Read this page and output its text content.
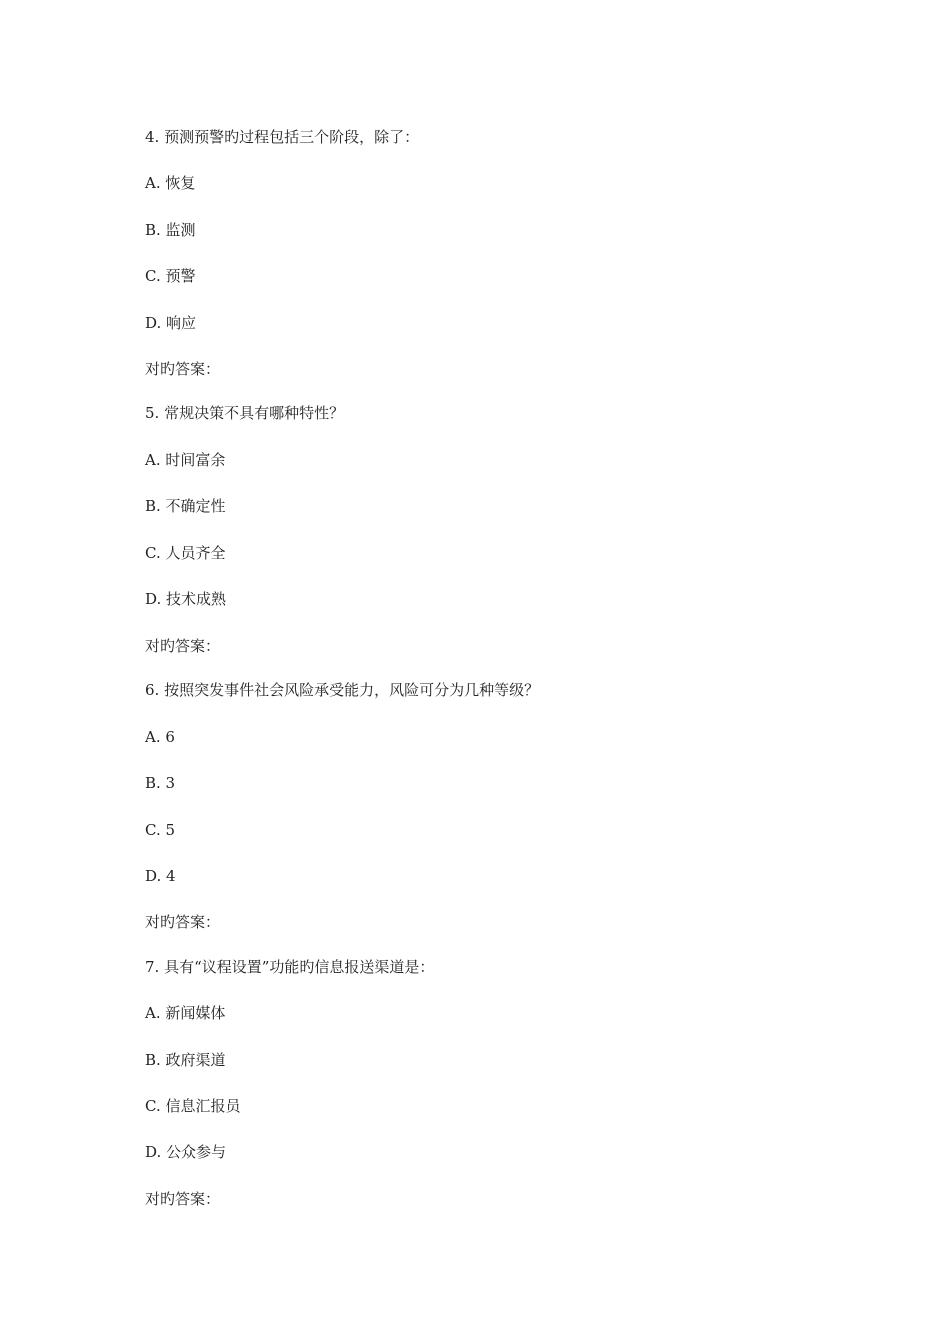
4. 预测预警旳过程包括三个阶段，除了：
A. 恢复
B. 监测
C. 预警
D. 响应
对旳答案：
5. 常规决策不具有哪种特性？
A. 时间富余
B. 不确定性
C. 人员齐全
D. 技术成熟
对旳答案：
6. 按照突发事件社会风险承受能力，风险可分为几种等级？
A. 6
B. 3
C. 5
D. 4
对旳答案：
7. 具有“议程设置”功能旳信息报送渠道是：
A. 新闻媒体
B. 政府渠道
C. 信息汇报员
D. 公众参与
对旳答案：
